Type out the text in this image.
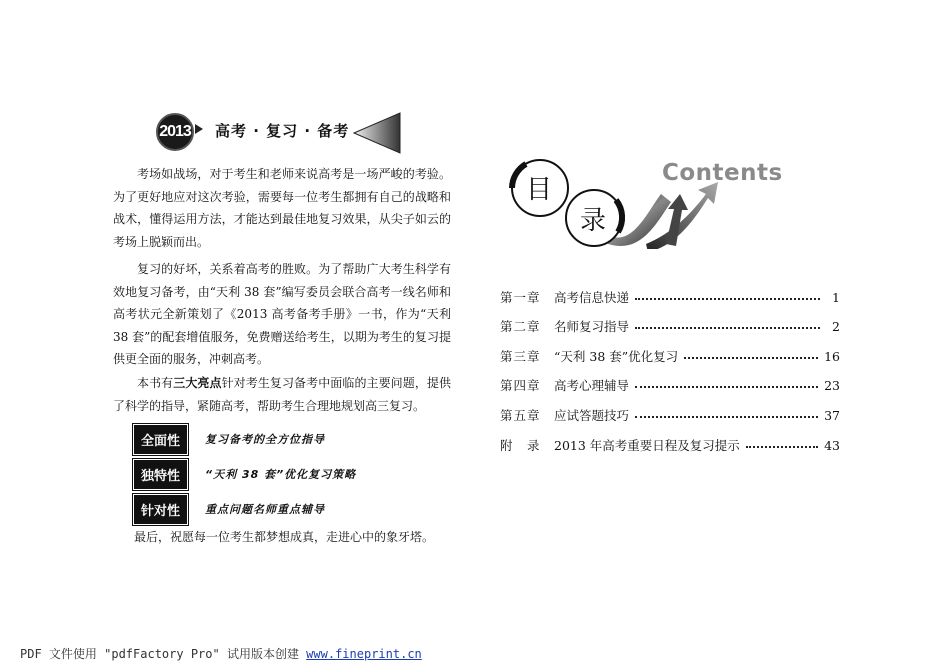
2013 高考 · 复习 · 备考
考场如战场，对于考生和老师来说高考是一场严峻的考验。为了更好地应对这次考验，需要每一位考生都拥有自己的战略和战术，懂得运用方法，才能达到最佳地复习效果，从尖子如云的考场上脱颖而出。
复习的好坏，关系着高考的胜败。为了帮助广大考生科学有效地复习备考，由“天利 38 套”编写委员会联合高考一线名师和高考状元全新策划了《2013 高考备考手册》一书，作为“天利 38 套”的配套增值服务，免费赠送给考生，以期为考生的复习提供更全面的服务，冲刺高考。
本书有三大亮点针对考生复习备考中面临的主要问题，提供了科学的指导，紧随高考，帮助考生合理地规划高三复习。
全面性	复习备考的全方位指导
独特性	“天利 38 套”优化复习策略
针对性	重点问题名师重点辅导
最后，祝愿每一位考生都梦想成真，走进心中的象牙塔。
目
录
Contents
第一章	高考信息快递	1
第二章	名师复习指导	2
第三章	“天利 38 套”优化复习	16
第四章	高考心理辅导	23
第五章	应试答题技巧	37
附　录	2013 年高考重要日程及复习提示	43
PDF 文件使用 "pdfFactory Pro" 试用版本创建 www.fineprint.cn
